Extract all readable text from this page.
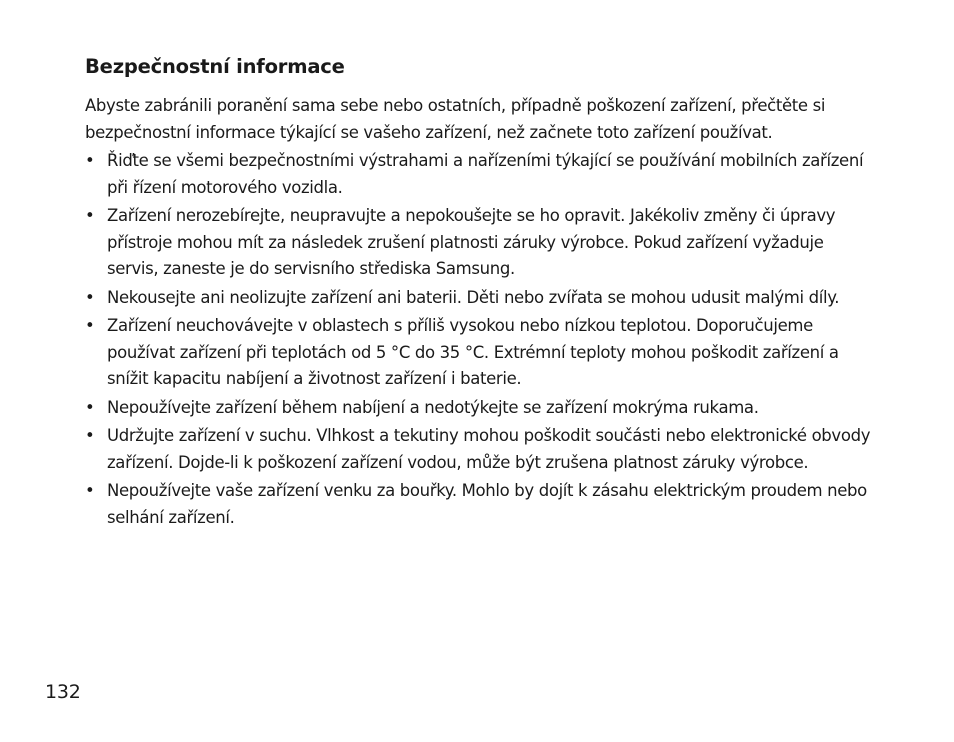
Bezpečnostní informace

Abyste zabránili poranění sama sebe nebo ostatních, případně poškození zařízení, přečtěte si bezpečnostní informace týkající se vašeho zařízení, než začnete toto zařízení používat.

• Řiďte se všemi bezpečnostními výstrahami a nařízeními týkající se používání mobilních zařízení při řízení motorového vozidla.
• Zařízení nerozebírejte, neupravujte a nepokoušejte se ho opravit. Jakékoliv změny či úpravy přístroje mohou mít za následek zrušení platnosti záruky výrobce. Pokud zařízení vyžaduje servis, zaneste je do servisního střediska Samsung.
• Nekousejte ani neolizujte zařízení ani baterii. Děti nebo zvířata se mohou udusit malými díly.
• Zařízení neuchovávejte v oblastech s příliš vysokou nebo nízkou teplotou. Doporučujeme používat zařízení při teplotách od 5 °C do 35 °C. Extrémní teploty mohou poškodit zařízení a snížit kapacitu nabíjení a životnost zařízení i baterie.
• Nepoužívejte zařízení během nabíjení a nedotýkejte se zařízení mokrýma rukama.
• Udržujte zařízení v suchu. Vlhkost a tekutiny mohou poškodit součásti nebo elektronické obvody zařízení. Dojde-li k poškození zařízení vodou, může být zrušena platnost záruky výrobce.
• Nepoužívejte vaše zařízení venku za bouřky. Mohlo by dojít k zásahu elektrickým proudem nebo selhání zařízení.
132
